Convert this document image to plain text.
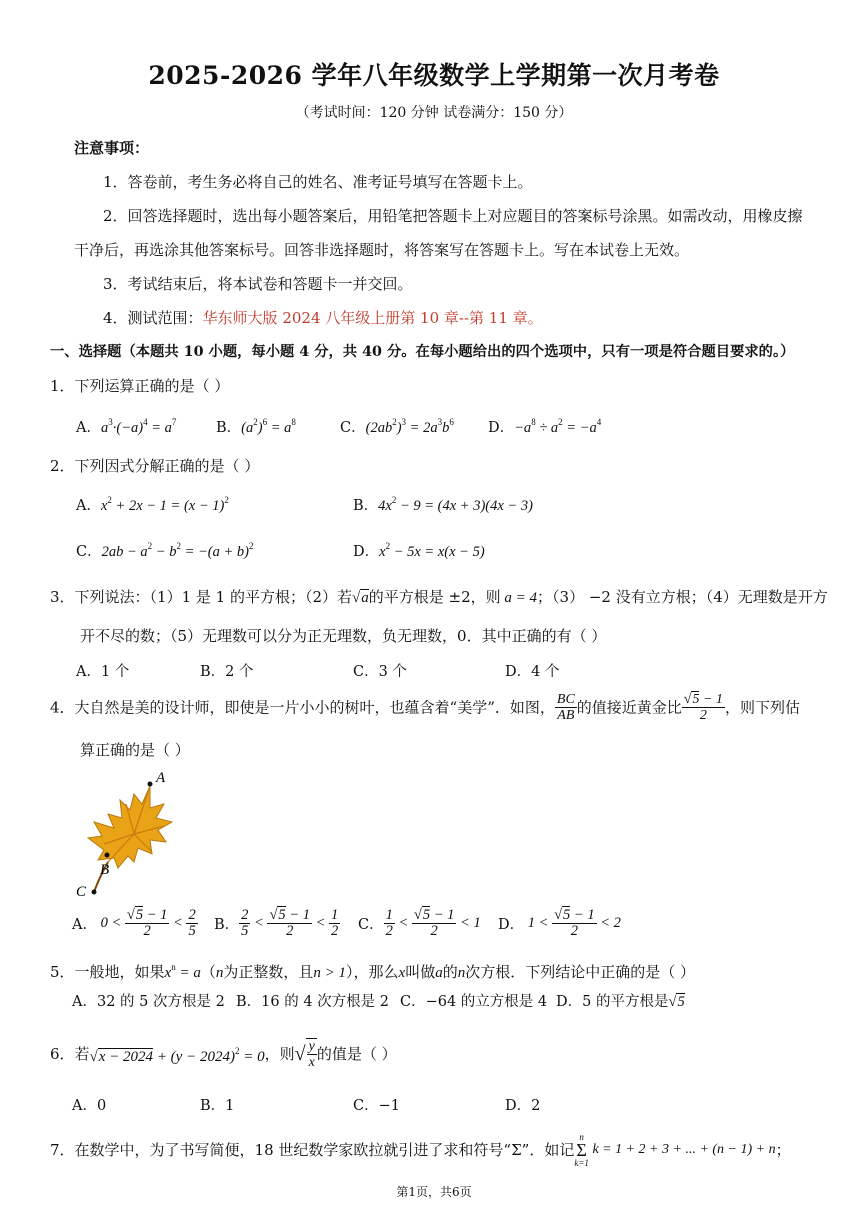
2025-2026 学年八年级数学上学期第一次月考卷
（考试时间：120 分钟 试卷满分：150 分）
注意事项：
1．答卷前，考生务必将自己的姓名、准考证号填写在答题卡上。
2．回答选择题时，选出每小题答案后，用铅笔把答题卡上对应题目的答案标号涂黑。如需改动，用橡皮擦
干净后，再选涂其他答案标号。回答非选择题时，将答案写在答题卡上。写在本试卷上无效。
3．考试结束后，将本试卷和答题卡一并交回。
4．测试范围：华东师大版 2024 八年级上册第 10 章--第 11 章。
一、选择题（本题共 10 小题，每小题 4 分，共 40 分。在每小题给出的四个选项中，只有一项是符合题目要求的。）
1．下列运算正确的是（ ）
A．$a^3\cdot(-a)^4 = a^7$	B．$(a^2)^6 = a^8$	C．$(2ab^2)^3 = 2a^3b^6$ D．$-a^8 \div a^2 = -a^4$
2．下列因式分解正确的是（ ）
A．$x^2 + 2x - 1 = (x - 1)^2$	B．$4x^2 - 9 = (4x + 3)(4x - 3)$
C．$2ab - a^2 - b^2 = -(a + b)^2$	D．$x^2 - 5x = x(x - 5)$
3．下列说法：（1）1 是 1 的平方根；（2）若√a的平方根是 ±2，则 a = 4；（3） −2 没有立方根；（4）无理数是开方
开不尽的数；（5）无理数可以分为正无理数，负无理数，0．其中正确的有（ ）
A．1 个	B．2 个	C．3 个	D．4 个
4．大自然是美的设计师，即使是一片小小的树叶，也蕴含着“美学”．如图， $\frac{BC}{AB}$ 的值接近黄金比 $\frac{√5 - 1}{2}$ ，则下列估
算正确的是（ ）
A
B
C
A． $0 < \frac{√5 - 1}{2} < \frac{2}{5}$ B． $\frac{2}{5} < \frac{√5 - 1}{2} < \frac{1}{2}$ C． $\frac{1}{2} < \frac{√5 - 1}{2} < 1$ D． $1 < \frac{√5 - 1}{2} < 2$
5．一般地，如果$x^n = a(n$为正整数，且n > 1），那么x叫做a的n次方根．下列结论中正确的是（ ）
A．32 的 5 次方根是 2 B．16 的 4 次方根是 2 C．−64 的立方根是 4 D．5 的平方根是√5
6．若$√x - 2024 + (y - 2024)^2 = 0$，则√ $\frac{y}{x}$ 的值是（ ）
A．0	B．1	C．−1	D．2
7．在数学中，为了书写简便，18 世纪数学家欧拉就引进了求和符号“Σ”．如记
n
Σ
k=1
k = 1 + 2 + 3 + ... + (n − 1) + n；
第1页，共6页
